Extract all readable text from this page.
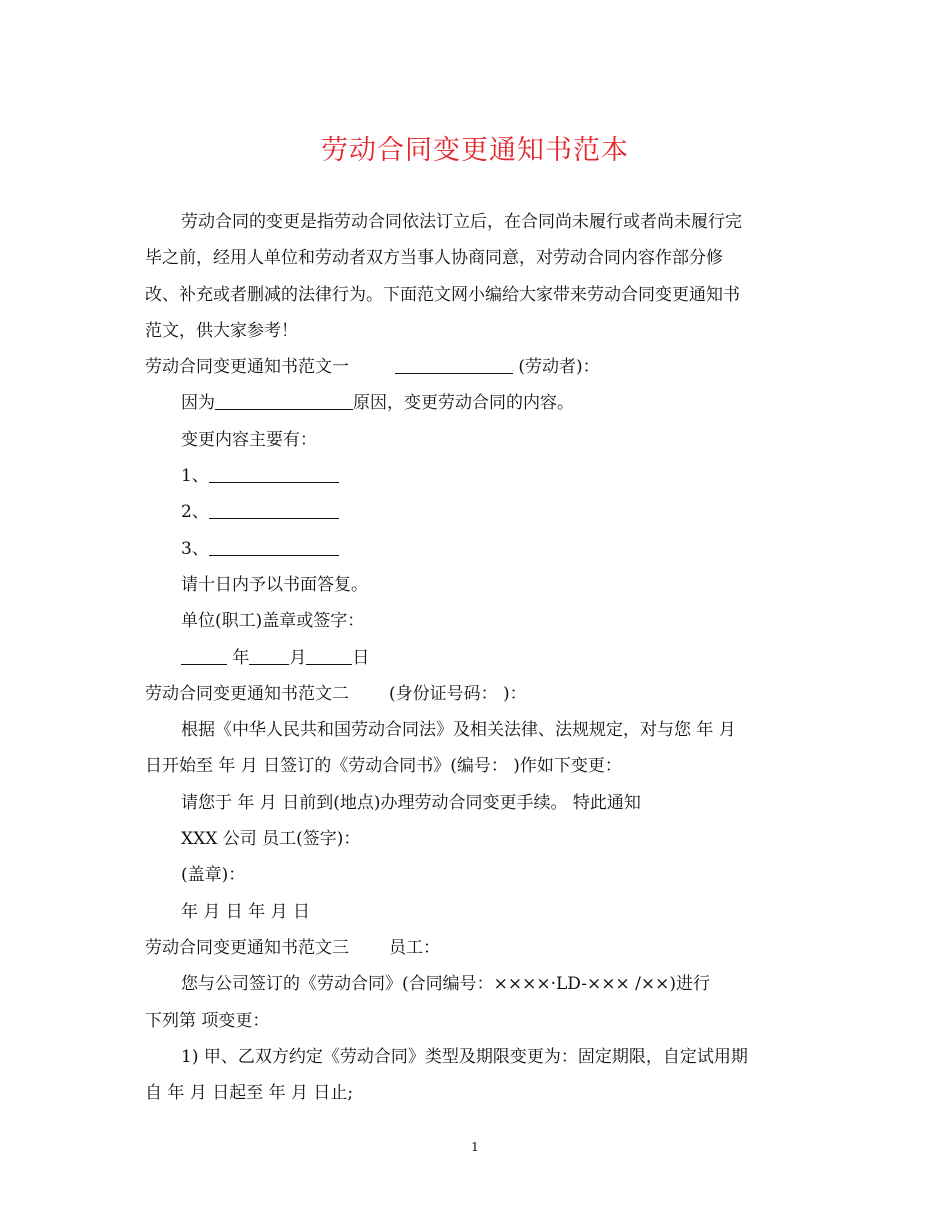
劳动合同变更通知书范本

劳动合同的变更是指劳动合同依法订立后，在合同尚未履行或者尚未履行完

毕之前，经用人单位和劳动者双方当事人协商同意，对劳动合同内容作部分修

改、补充或者删减的法律行为。下面范文网小编给大家带来劳动合同变更通知书

范文，供大家参考！

劳动合同变更通知书范文一	(劳动者)：

因为	原因，变更劳动合同的内容。

变更内容主要有：

1、

2、

3、

请十日内予以书面答复。

单位(职工)盖章或签字：

年 月	日

劳动合同变更通知书范文二 (身份证号码： )：

根据《中华人民共和国劳动合同法》及相关法律、法规规定，对与您 年 月

日开始至 年 月 日签订的《劳动合同书》(编号： )作如下变更：

请您于 年 月 日前到(地点)办理劳动合同变更手续。 特此通知

XXX 公司 员工(签字)：

(盖章)：

年 月 日 年 月 日

劳动合同变更通知书范文三 员工：

您与公司签订的《劳动合同》(合同编号：××××·LD-××× /××)进行

下列第 项变更：

1) 甲、乙双方约定《劳动合同》类型及期限变更为：固定期限，自定试用期

自 年 月 日起至 年 月 日止;

1
